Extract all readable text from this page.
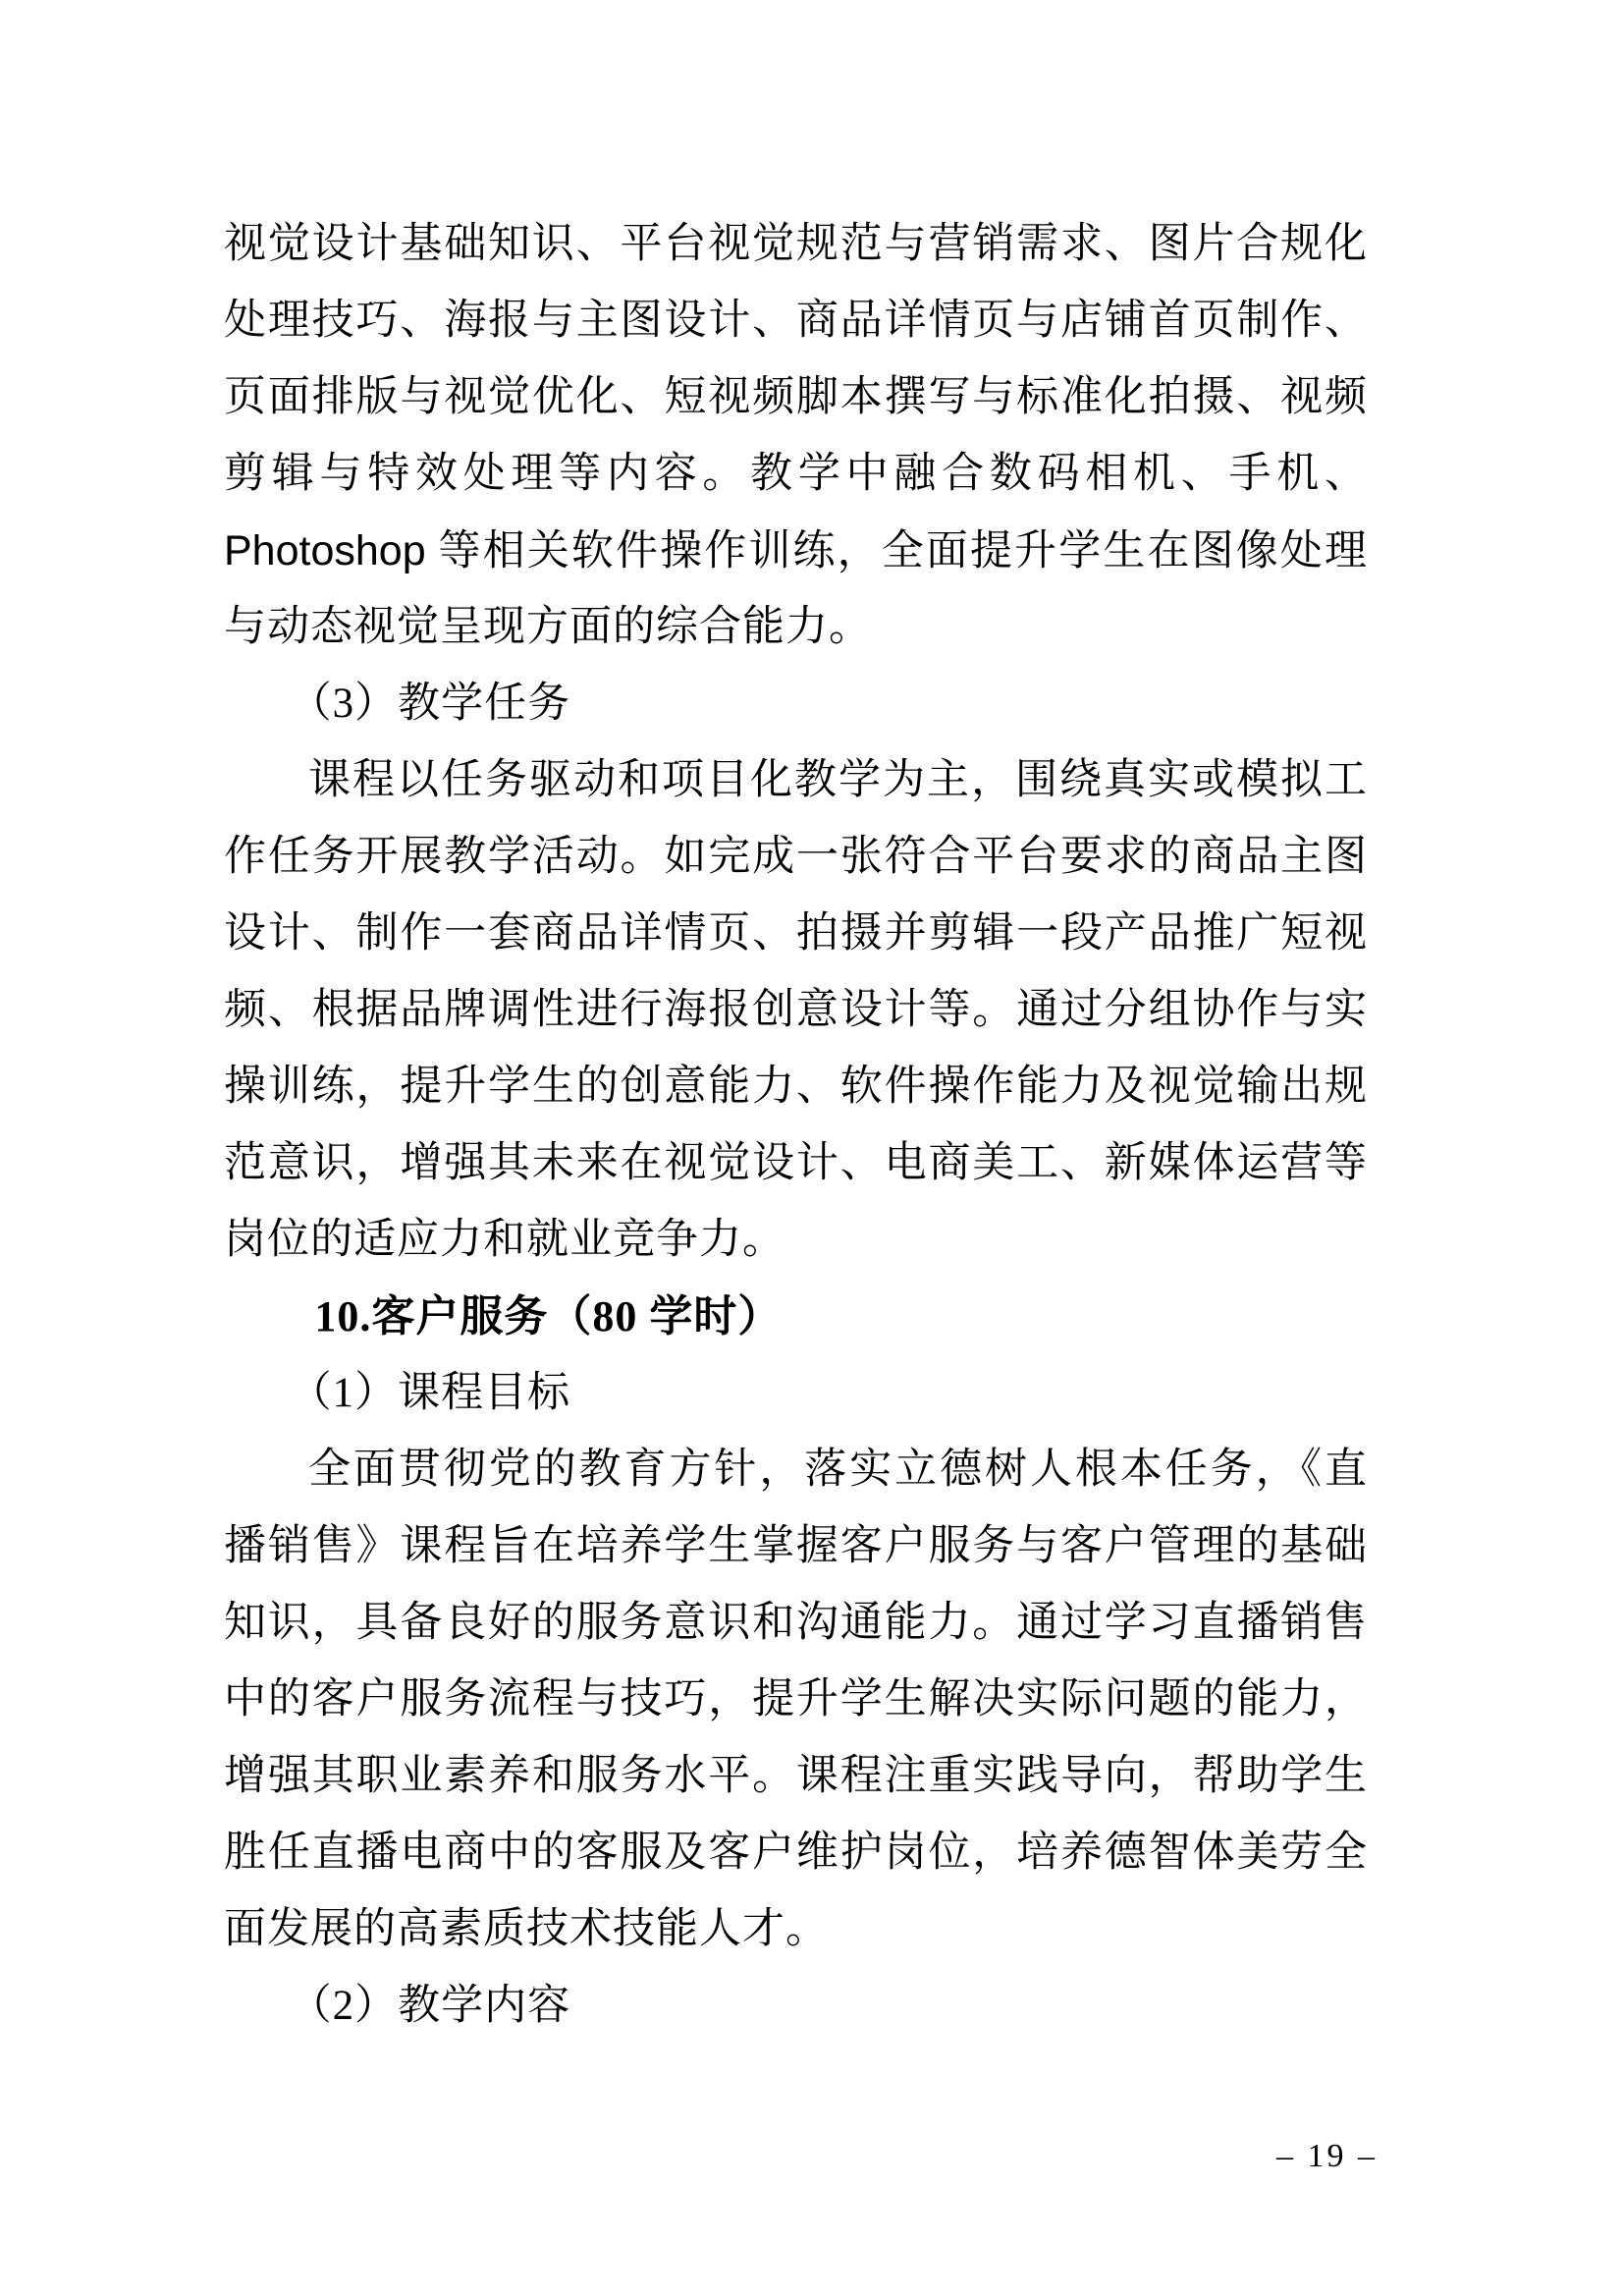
视觉设计基础知识、平台视觉规范与营销需求、图片合规化
处理技巧、海报与主图设计、商品详情页与店铺首页制作、
页面排版与视觉优化、短视频脚本撰写与标准化拍摄、视频
剪辑与特效处理等内容。教学中融合数码相机、手机、
Photoshop 等相关软件操作训练，全面提升学生在图像处理
与动态视觉呈现方面的综合能力。
（3）教学任务
课程以任务驱动和项目化教学为主，围绕真实或模拟工
作任务开展教学活动。如完成一张符合平台要求的商品主图
设计、制作一套商品详情页、拍摄并剪辑一段产品推广短视
频、根据品牌调性进行海报创意设计等。通过分组协作与实
操训练，提升学生的创意能力、软件操作能力及视觉输出规
范意识，增强其未来在视觉设计、电商美工、新媒体运营等
岗位的适应力和就业竞争力。
10.客户服务（80 学时）
（1）课程目标
全面贯彻党的教育方针，落实立德树人根本任务，《直
播销售》课程旨在培养学生掌握客户服务与客户管理的基础
知识，具备良好的服务意识和沟通能力。通过学习直播销售
中的客户服务流程与技巧，提升学生解决实际问题的能力，
增强其职业素养和服务水平。课程注重实践导向，帮助学生
胜任直播电商中的客服及客户维护岗位，培养德智体美劳全
面发展的高素质技术技能人才。
（2）教学内容
– 19 –
